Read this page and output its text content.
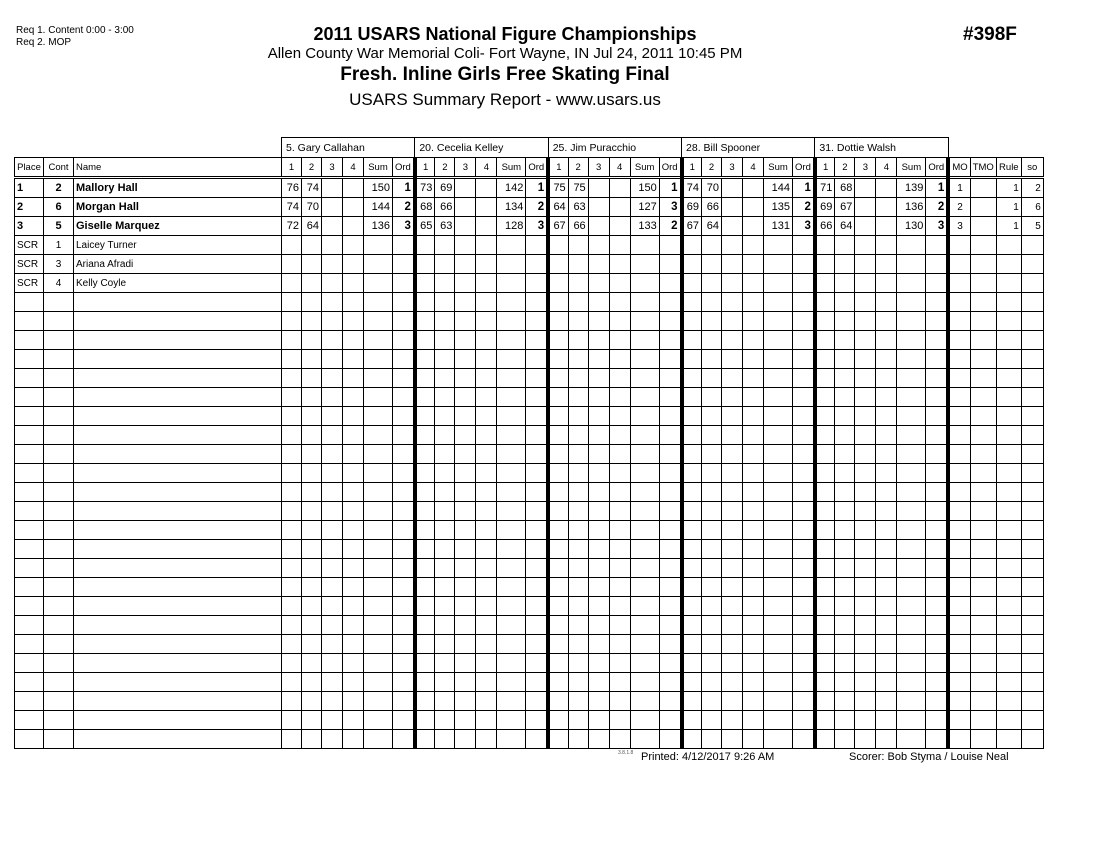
Req 1. Content 0:00 - 3:00
Req 2. MOP	2011 USARS National Figure Championships
Allen County War Memorial Coli- Fort Wayne, IN Jul 24, 2011 10:45 PM
Fresh. Inline Girls Free Skating Final
USARS Summary Report - www.usars.us
#398F
			5. Gary Callahan						20. Cecelia Kelley						25. Jim Puracchio						28. Bill Spooner						31. Dottie Walsh									
Place	Cont	Name	1	2	3	4	Sum	Ord	1	2	3	4	Sum	Ord	1	2	3	4	Sum	Ord	1	2	3	4	Sum	Ord	1	2	3	4	Sum	Ord	MO	TMO	Rule	so
1	2	Mallory Hall	76	74			150	1	73	69			142	1	75	75			150	1	74	70			144	1	71	68			139	1	1		1	2
2	6	Morgan Hall	74	70			144	2	68	66			134	2	64	63			127	3	69	66			135	2	69	67			136	2	2		1	6
3	5	Giselle Marquez	72	64			136	3	65	63			128	3	67	66			133	2	67	64			131	3	66	64			130	3	3		1	5
SCR	1	Laicey Turner																																		
SCR	3	Ariana Afradi																																		
SCR	4	Kelly Coyle																																		

3.8.1.8 Printed: 4/12/2017 9:26 AM	Scorer: Bob Styma / Louise Neal
